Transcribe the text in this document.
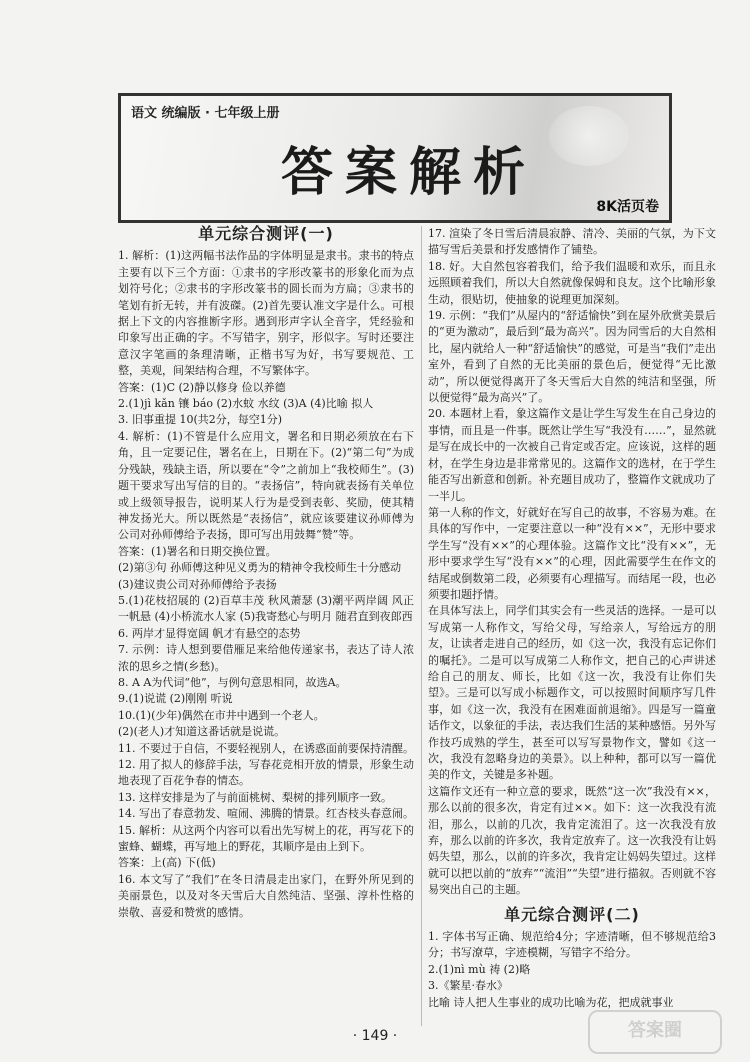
语文 统编版 · 七年级上册
答案解析
8K活页卷
单元综合测评(一)

1. 解析：(1)这两幅书法作品的字体明显是隶书。隶书的特点主要有以下三个方面：①隶书的字形改篆书的形象化而为点划符号化；②隶书的字形改篆书的圆长而为方扁；③隶书的笔划有折无转，并有波磔。(2)首先要认准文字是什么。可根据上下文的内容推断字形。遇到形声字认全音字，凭经验和印象写出正确的字。不写错字，别字，形似字。写时还要注意汉字笔画的条理清晰，正楷书写为好，书写要规范、工整，美观，间架结构合理，不写繁体字。

答案：(1)C (2)静以修身 俭以养德

2.(1)jì kǎn 镶 báo (2)水蚊 水纹 (3)A (4)比喻 拟人

3. 旧事重提 10(共2分，每空1分)

4. 解析：(1)不管是什么应用文，署名和日期必须放在右下角，且一定要记住，署名在上，日期在下。(2)“第二句”为成分残缺，残缺主语，所以要在“令”之前加上“我校师生”。(3)题干要求写出写信的目的。“表扬信”，特向就表扬有关单位或上级领导报告，说明某人行为是受到表彰、奖励，使其精神发扬光大。所以既然是“表扬信”，就应该要建议孙师傅为公司对孙师傅给予表扬，即可写出用鼓舞“赞”等。

答案：(1)署名和日期交换位置。

(2)第③句 孙师傅这种见义勇为的精神令我校师生十分感动

(3)建议贵公司对孙师傅给予表扬

5.(1)花枝招展的 (2)百草丰茂 秋风萧瑟 (3)潮平两岸阔 风正一帆悬 (4)小桥流水人家 (5)我寄愁心与明月 随君直到夜郎西

6. 两岸才显得宽阔 帆才有悬空的态势

7. 示例：诗人想到要借雁足来给他传递家书，表达了诗人浓浓的思乡之情(乡愁)。

8. A A为代词“他”，与例句意思相同，故选A。

9.(1)说谎 (2)刚刚 听说

10.(1)(少年)偶然在市井中遇到一个老人。

(2)(老人)才知道这番话就是说谎。

11. 不要过于自信，不要轻视别人，在诱惑面前要保持清醒。

12. 用了拟人的修辞手法，写春花竞相开放的情景，形象生动地表现了百花争春的情态。

13. 这样安排是为了与前面桃树、梨树的排列顺序一致。

14. 写出了春意勃发、喧闹、沸腾的情景。红杏枝头春意闹。

15. 解析：从这两个内容可以看出先写树上的花，再写花下的蜜蜂、蝴蝶，再写地上的野花，其顺序是由上到下。

答案：上(高) 下(低)

16. 本文写了“我们”在冬日清晨走出家门，在野外所见到的美丽景色，以及对冬天雪后大自然纯洁、坚强、淳朴性格的崇敬、喜爱和赞赏的感情。

17. 渲染了冬日雪后清晨寂静、清冷、美丽的气氛，为下文描写雪后美景和抒发感情作了铺垫。

18. 好。大自然包容着我们，给予我们温暖和欢乐，而且永远照顾着我们，所以大自然就像保姆和良友。这个比喻形象生动，很贴切，使抽象的说理更加深刻。

19. 示例：“我们”从屋内的“舒适愉快”到在屋外欣赏美景后的“更为激动”，最后到“最为高兴”。因为同雪后的大自然相比，屋内就给人一种“舒适愉快”的感觉，可是当“我们”走出室外，看到了自然的无比美丽的景色后，便觉得“无比激动”，所以便觉得离开了冬天雪后大自然的纯洁和坚强，所以便觉得“最为高兴”了。

20. 本题材上看，象这篇作文是让学生写发生在自己身边的事情，而且是一件事。既然让学生写“我没有……”，显然就是写在成长中的一次被自己肯定或否定。应该说，这样的题材，在学生身边是非常常见的。这篇作文的选材，在于学生能否写出新意和创新。补充题目成功了，整篇作文就成功了一半儿。

第一人称的作文，好就好在写自己的故事，不容易为难。在具体的写作中，一定要注意以一种“没有××”，无形中要求学生写“没有××”的心理体验。这篇作文比“没有××”，无形中要求学生写“没有××”的心理，因此需要学生在作文的结尾或倒数第二段，必须要有心理描写。而结尾一段，也必须要扣题抒情。

在具体写法上，同学们其实会有一些灵活的选择。一是可以写成第一人称作文，写给父母，写给亲人，写给远方的朋友，让读者走进自己的经历，如《这一次，我没有忘记你们的嘱托》。二是可以写成第二人称作文，把自己的心声讲述给自己的朋友、师长，比如《这一次，我没有让你们失望》。三是可以写成小标题作文，可以按照时间顺序写几件事，如《这一次，我没有在困难面前退缩》。四是写一篇童话作文，以象征的手法，表达我们生活的某种感悟。另外写作技巧成熟的学生，甚至可以写写景物作文，譬如《这一次，我没有忽略身边的美景》。以上种种，都可以写一篇优美的作文，关键是多补题。

这篇作文还有一种立意的要求，既然“这一次”我没有××，那么以前的很多次，肯定有过××。如下：这一次我没有流泪，那么，以前的几次，我肯定流泪了。这一次我没有放弃，那么以前的许多次，我肯定放弃了。这一次我没有让妈妈失望，那么，以前的许多次，我肯定让妈妈失望过。这样就可以把以前的“放弃”“流泪”“失望”进行描叙。否则就不容易突出自己的主题。

单元综合测评(二)

1. 字体书写正确、规范给4分；字迹清晰，但不够规范给3分；书写潦草，字迹模糊，写错字不给分。

2.(1)nì mù 祷 (2)略

3.《繁星·春水》

比喻 诗人把人生事业的成功比喻为花，把成就事业

· 149 ·	答案圈
